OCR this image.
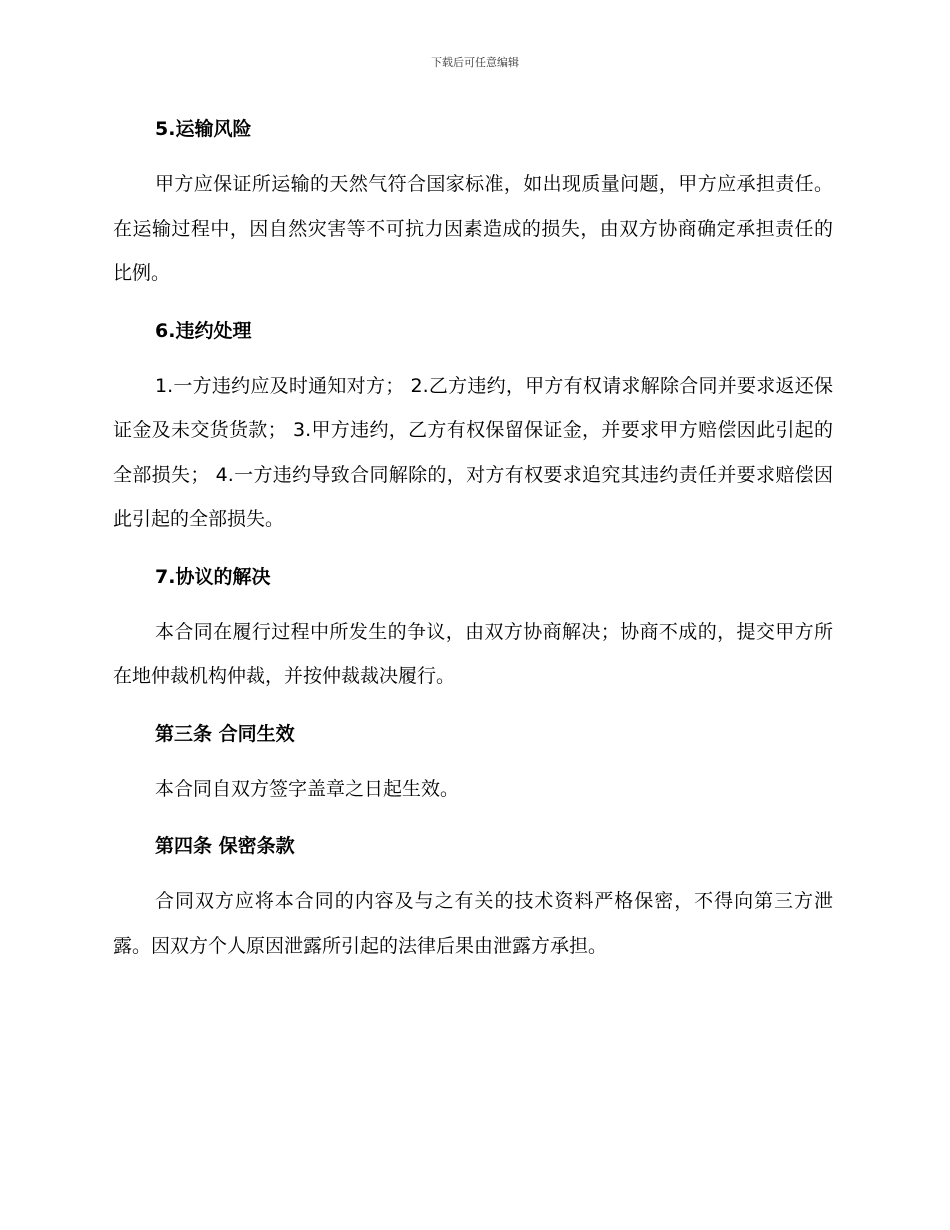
下载后可任意编辑
5.运输风险

甲方应保证所运输的天然气符合国家标准，如出现质量问题，甲方应承担责任。在运输过程中，因自然灾害等不可抗力因素造成的损失，由双方协商确定承担责任的比例。

6.违约处理

1.一方违约应及时通知对方； 2.乙方违约，甲方有权请求解除合同并要求返还保证金及未交货货款； 3.甲方违约，乙方有权保留保证金，并要求甲方赔偿因此引起的全部损失； 4.一方违约导致合同解除的，对方有权要求追究其违约责任并要求赔偿因此引起的全部损失。

7.协议的解决

本合同在履行过程中所发生的争议，由双方协商解决；协商不成的，提交甲方所在地仲裁机构仲裁，并按仲裁裁决履行。

第三条 合同生效

本合同自双方签字盖章之日起生效。

第四条 保密条款

合同双方应将本合同的内容及与之有关的技术资料严格保密，不得向第三方泄露。因双方个人原因泄露所引起的法律后果由泄露方承担。
